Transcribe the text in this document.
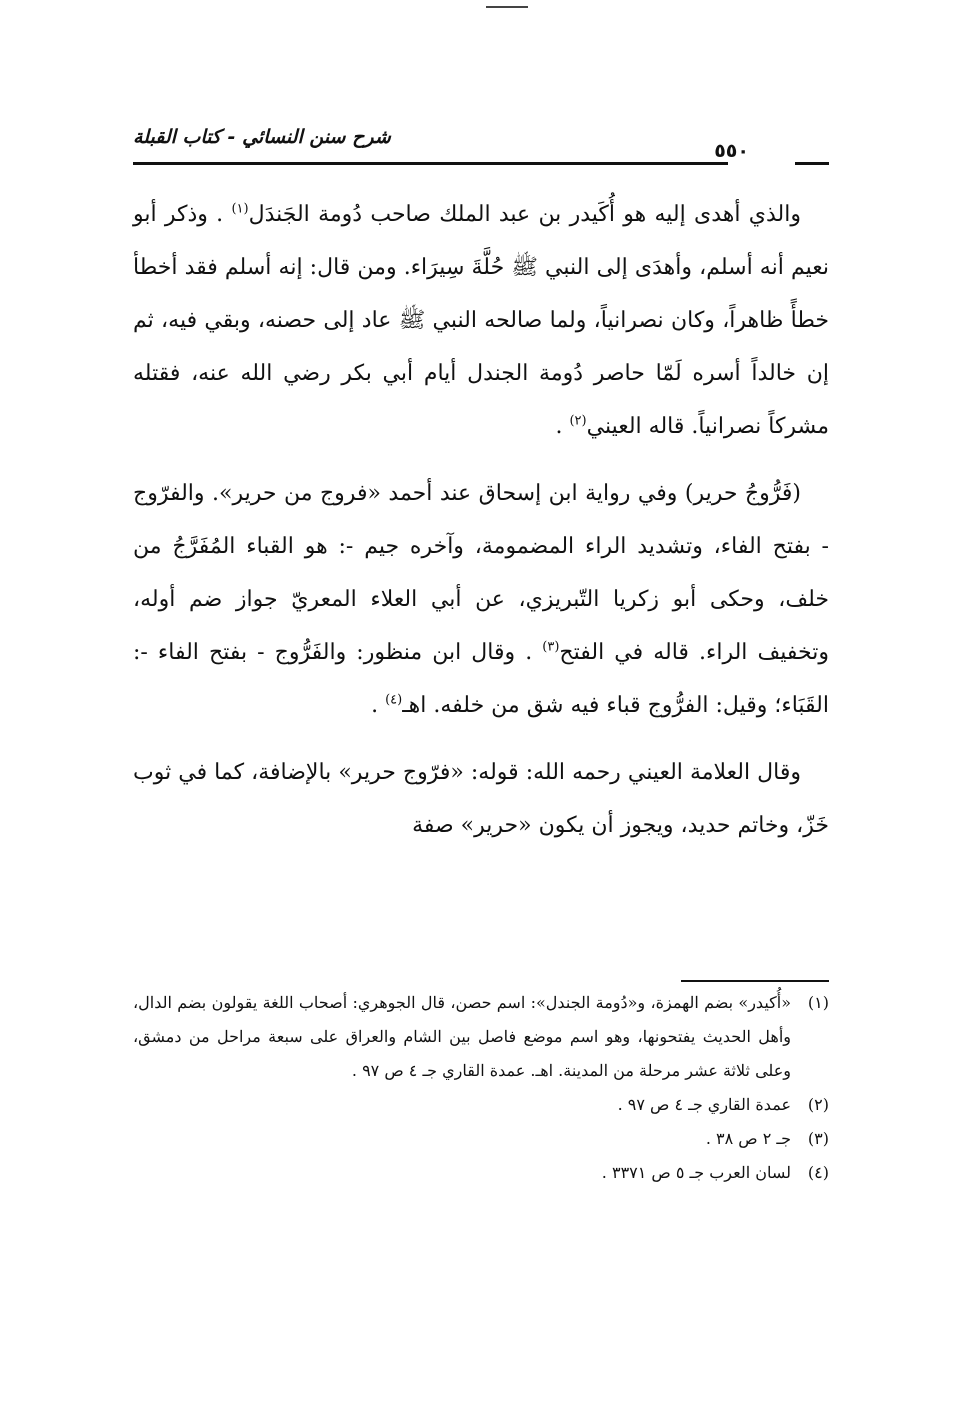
شرح سنن النسائي - كتاب القبلة
٥٥٠

والذي أهدى إليه هو أُكَيدر بن عبد الملك صاحب دُومة الجَندَل$^{(١)}$ . وذكر أبو نعيم أنه أسلم، وأهدَى إلى النبي ﷺ حُلَّةَ سِيرَاء. ومن قال: إنه أسلم فقد أخطأ خطأً ظاهراً، وكان نصرانياً، ولما صالحه النبي ﷺ عاد إلى حصنه، وبقي فيه، ثم إن خالداً أسره لَمّا حاصر دُومة الجندل أيام أبي بكر رضي الله عنه، فقتله مشركاً نصرانياً. قاله العيني$^{(٢)}$ .

(فَرُّوجُ حرير) وفي رواية ابن إسحاق عند أحمد «فروج من حرير». والفرّوج - بفتح الفاء، وتشديد الراء المضمومة، وآخره جيم -: هو القباء المُفَرَّجُ من خلف، وحكى أبو زكريا التّبريزي، عن أبي العلاء المعريّ جواز ضم أوله، وتخفيف الراء. قاله في الفتح$^{(٣)}$ . وقال ابن منظور: والفَرُّوج - بفتح الفاء -: القَبَاء؛ وقيل: الفرُّوج قباء فيه شق من خلفه. اهـ$^{(٤)}$ .

وقال العلامة العيني رحمه الله: قوله: «فرّوج حرير» بالإضافة، كما في ثوب خَزّ، وخاتم حديد، ويجوز أن يكون «حرير» صفة

(١)
«أُكيدر» بضم الهمزة، و«دُومة الجندل»: اسم حصن، قال الجوهري: أصحاب اللغة يقولون بضم الدال، وأهل الحديث يفتحونها، وهو اسم موضع فاصل بين الشام والعراق على سبعة مراحل من دمشق، وعلى ثلاثة عشر مرحلة من المدينة. اهـ. عمدة القاري جـ ٤ ص ٩٧ .
(٢)
عمدة القاري جـ ٤ ص ٩٧ .
(٣)
جـ ٢ ص ٣٨ .
(٤)
لسان العرب جـ ٥ ص ٣٣٧١ .
